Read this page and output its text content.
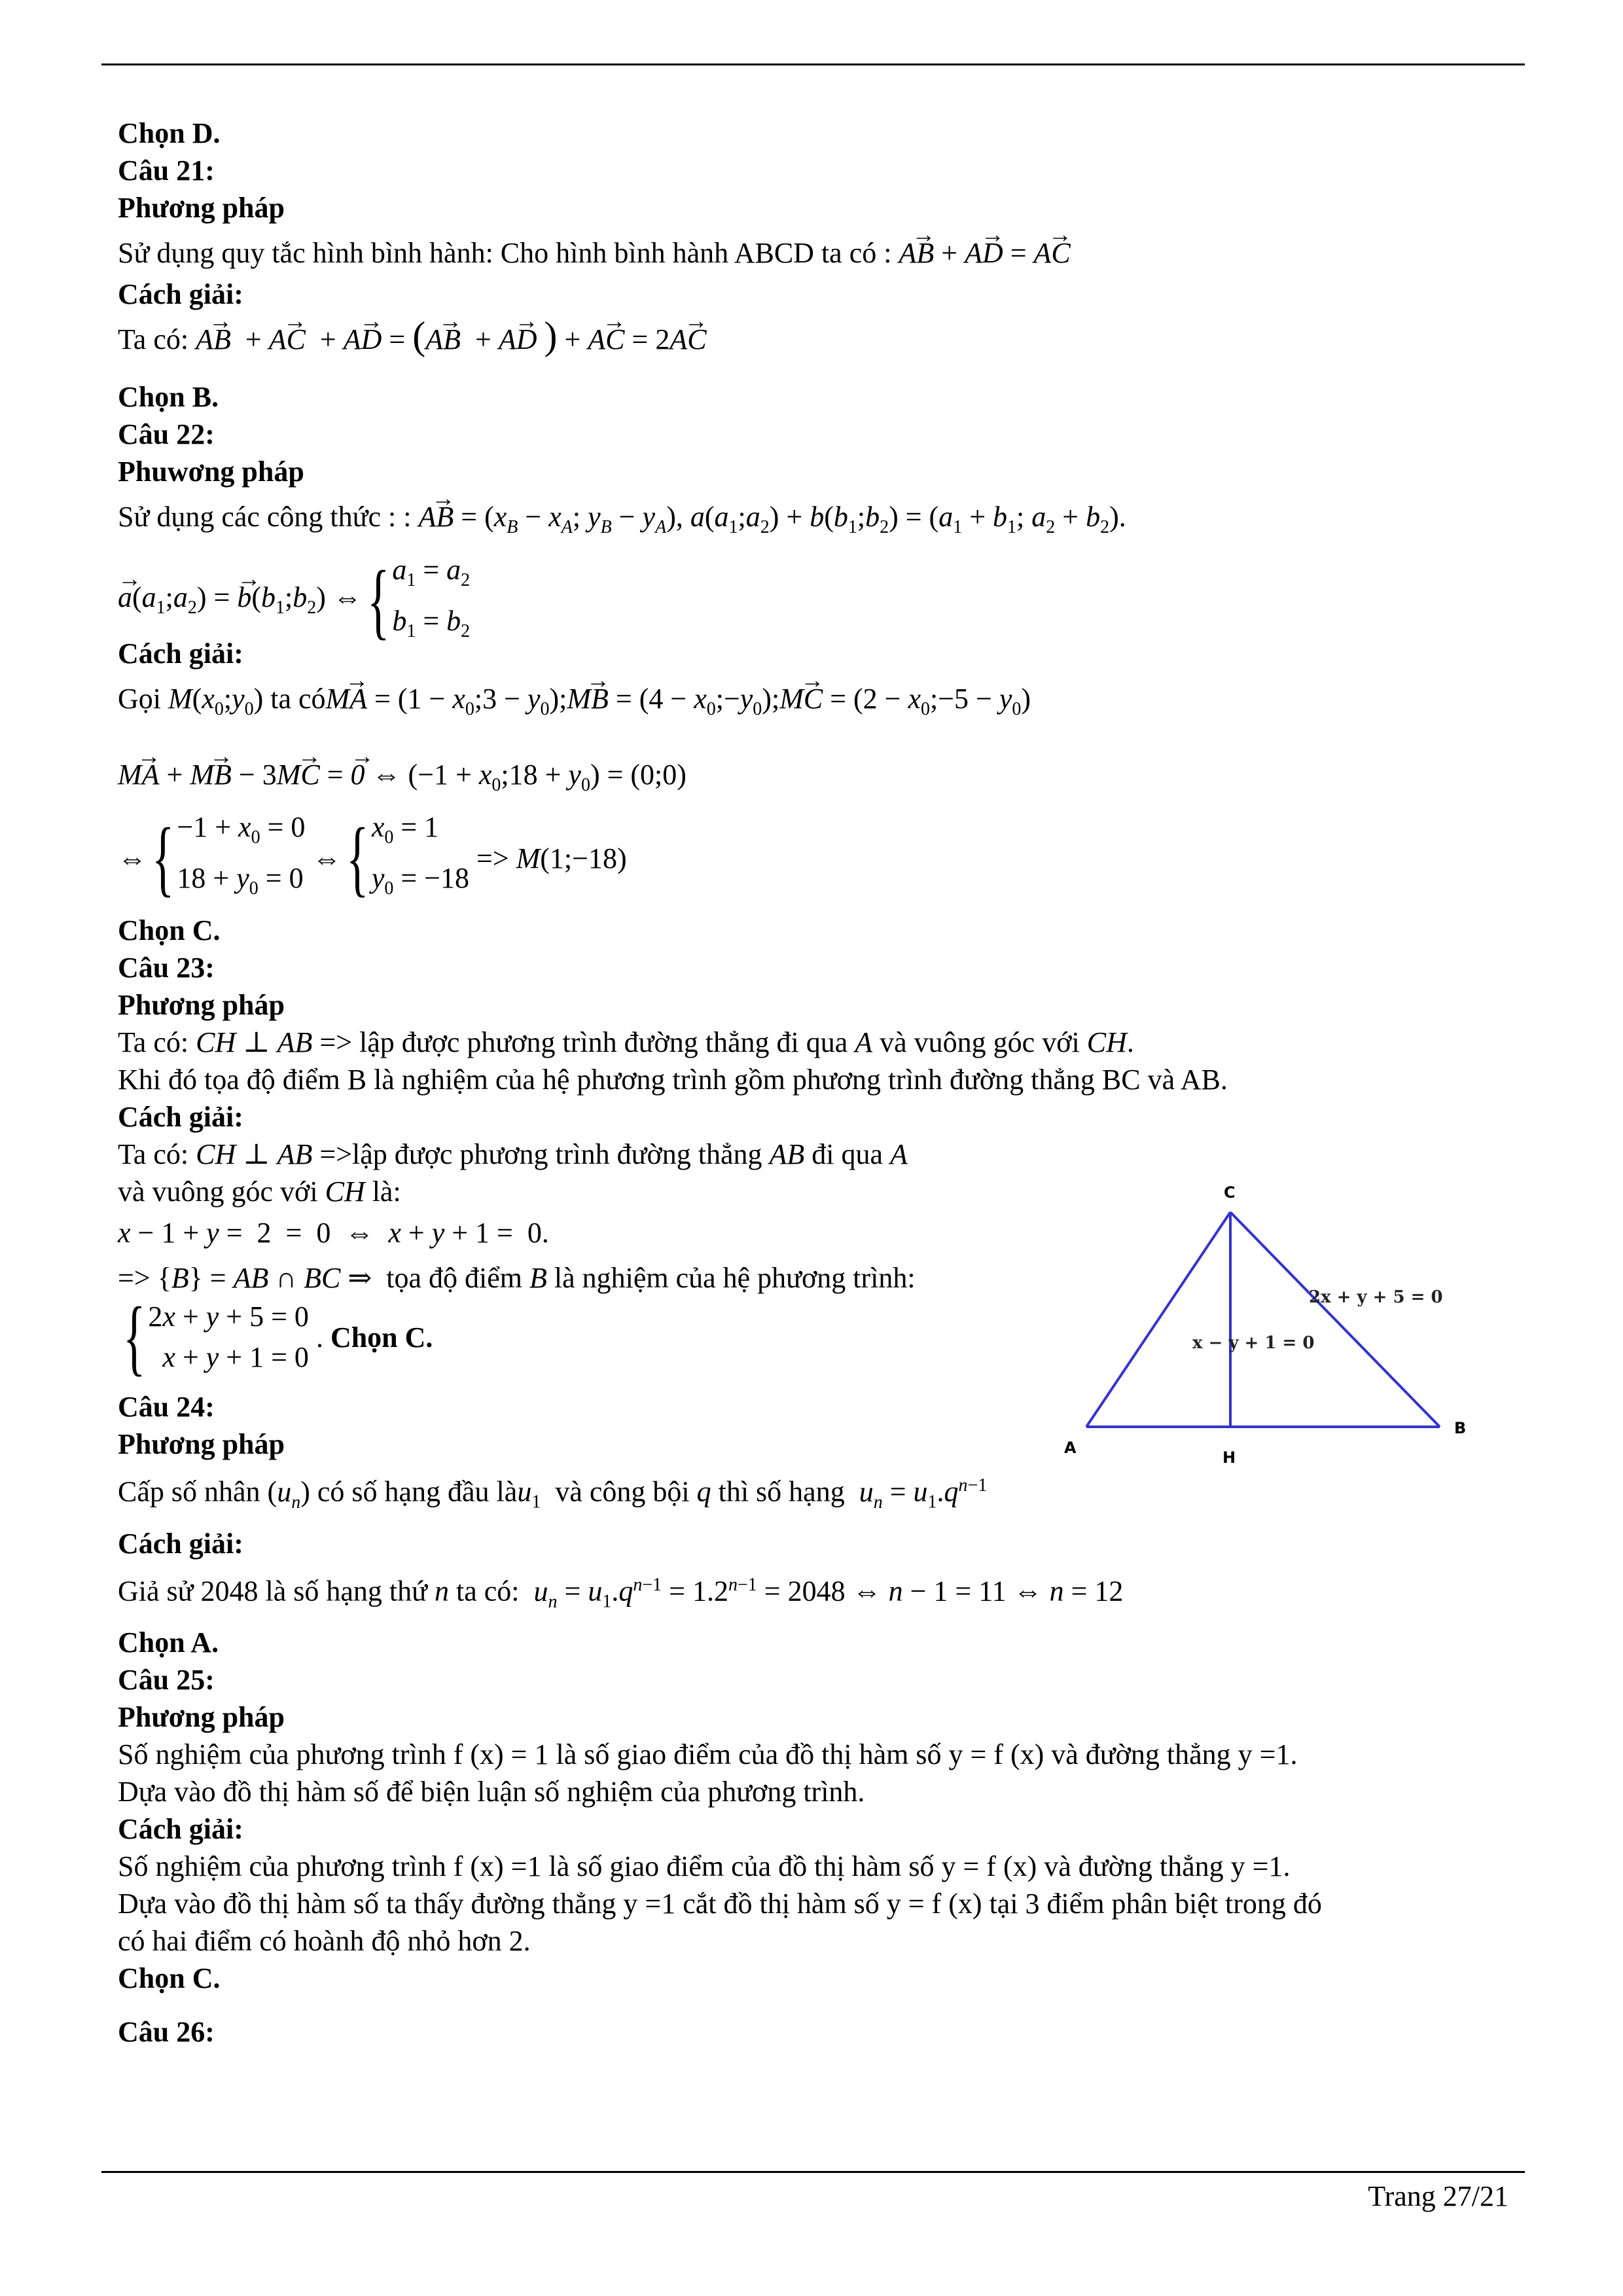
Chọn D.
Câu 21:
Phương pháp
Sử dụng quy tắc hình bình hành: Cho hình bình hành ABCD ta có : → AB + → AD = → AC
Cách giải:
Ta có: → AB  + → AC  + → AD = (→ AB  + → AD ) + → AC = 2→ AC
Chọn B.
Câu 22:
Phuwơng pháp
Sử dụng các công thức : : → AB = ($x_B - x_A$; $y_B - y_A$), $a(a_1;a_2)$ + $b(b_1;b_2) = (a_1 + b_1$; $a_2 + b_2$).
→ $a(a_1;a_2)$ = → $b(b_1;b_2)$ ⇔ { $a_1 = a_2$
$b_1 = b_2$
Cách giải:
Gọi $M(x_0;y_0)$ ta có→ MA = ($1 - x_0;3$ − $y_0);\to$ MB = $(4 - x_0;-y_0);\to$ MC = $(2 - x_0;-5 - y_0)$
→ MA + → MB − 3→ MC = → 0 ⇔ $(-1 + x_0;18 + y_0)$ = (0;0)
⇔ { $-1 + x_0 = 0$
$18 + y_0 = 0$
⇔ { $x_0 = 1$
$y_0 = -18$
=> M(1;−18)
Chọn C.
Câu 23:
Phương pháp
Ta có: CH ⊥ AB => lập được phương trình đường thẳng đi qua A và vuông góc với CH.
Khi đó tọa độ điểm B là nghiệm của hệ phương trình gồm phương trình đường thẳng BC và AB.
Cách giải:
Ta có: CH ⊥ AB =>lập được phương trình đường thẳng AB đi qua A
và vuông góc với CH là:
x − 1 + y =  2  =  0  ⇔  x + y + 1 =  0.
=> {B} = AB ∩ BC ⇒  tọa độ điểm B là nghiệm của hệ phương trình:
{ 2x + y + 5 = 0
x + y + 1 = 0
. Chọn C.
Câu 24:
Phương pháp
Cấp số nhân $(u_n)$ có số hạng đầu làu$_1$ và công bội q thì số hạng $u_n = u_1.q^{n-1}$
Cách giải:
Giả sử 2048 là số hạng thứ n ta có: $u_n = u_1.q^{n-1} = 1.2^{n-1} = 2048$ ⇔ n − 1 = 11 ⇔ n = 12
Chọn A.
Câu 25:
Phương pháp
Số nghiệm của phương trình f (x) = 1 là số giao điểm của đồ thị hàm số y = f (x) và đường thẳng y =1.
Dựa vào đồ thị hàm số để biện luận số nghiệm của phương trình.
Cách giải:
Số nghiệm của phương trình f (x) =1 là số giao điểm của đồ thị hàm số y = f (x) và đường thẳng y =1.
Dựa vào đồ thị hàm số ta thấy đường thẳng y =1 cắt đồ thị hàm số y = f (x) tại 3 điểm phân biệt trong đó
có hai điểm có hoành độ nhỏ hơn 2.
Chọn C.
Câu 26:
C
A
B
H
2x + y + 5 = 0
x − y + 1 = 0
Trang 27/21
